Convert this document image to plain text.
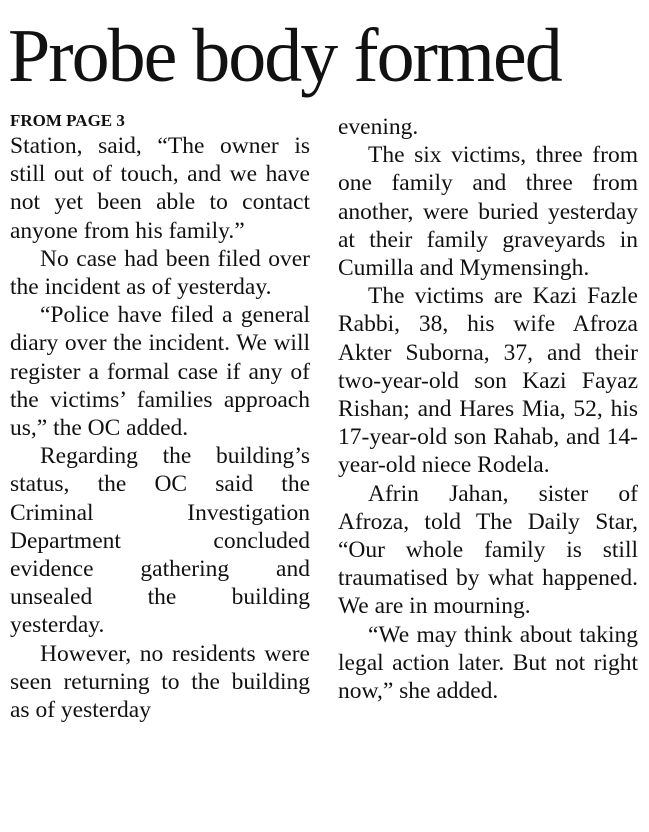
Probe body formed
FROM PAGE 3

Station, said, “The owner is still out of touch, and we have not yet been able to contact anyone from his family.”

No case had been filed over the incident as of yesterday.

“Police have filed a general diary over the incident. We will register a formal case if any of the victims’ families approach us,” the OC added.

Regarding the building’s status, the OC said the Criminal Investigation Department concluded evidence gathering and unsealed the building yesterday.

However, no residents were seen returning to the building as of yesterday

evening.

The six victims, three from one family and three from another, were buried yesterday at their family graveyards in Cumilla and Mymensingh.

The victims are Kazi Fazle Rabbi, 38, his wife Afroza Akter Suborna, 37, and their two-year-old son Kazi Fayaz Rishan; and Hares Mia, 52, his 17-year-old son Rahab, and 14-year-old niece Rodela.

Afrin Jahan, sister of Afroza, told The Daily Star, “Our whole family is still traumatised by what happened. We are in mourning.

“We may think about taking legal action later. But not right now,” she added.
